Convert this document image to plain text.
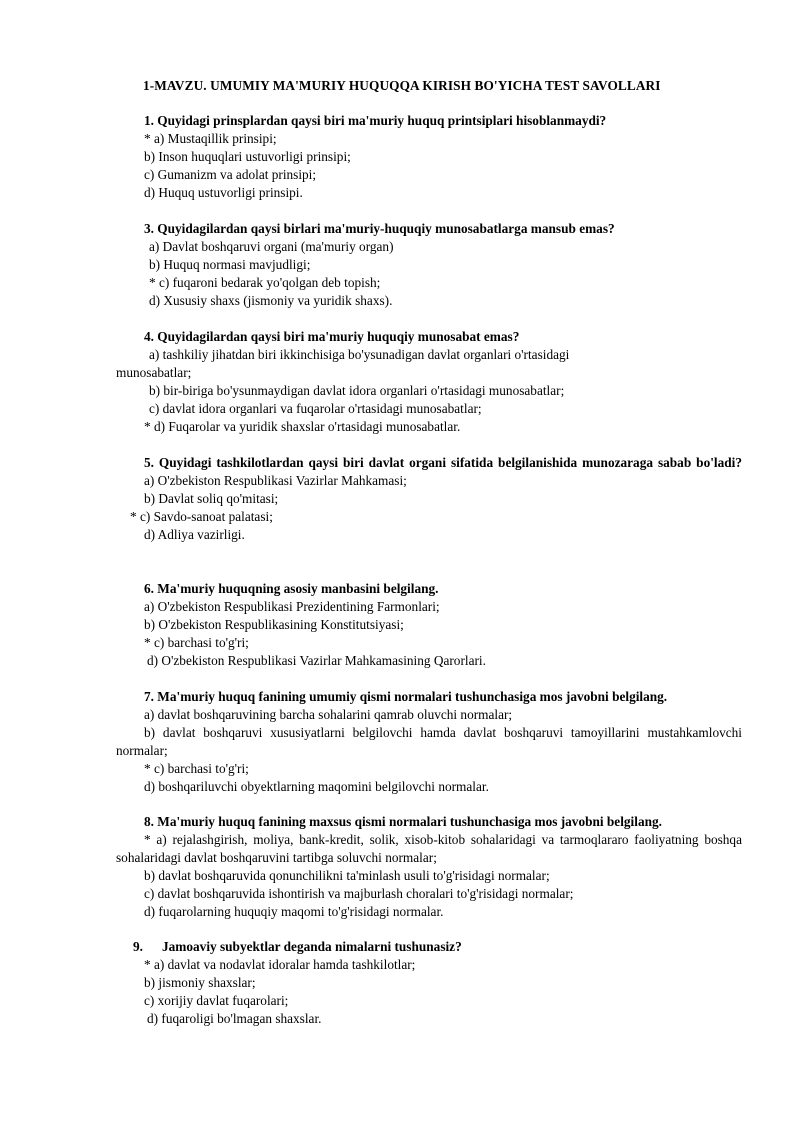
1-MAVZU. UMUMIY MA'MURIY HUQUQQA KIRISH BO'YICHA TEST SAVOLLARI
1. Quyidagi prinsplardan qaysi biri ma'muriy huquq printsiplari hisoblanmaydi?
* a) Mustaqillik prinsipi;
b) Inson huquqlari ustuvorligi prinsipi;
c) Gumanizm va adolat prinsipi;
d) Huquq ustuvorligi prinsipi.
3. Quyidagilardan qaysi birlari ma'muriy-huquqiy munosabatlarga mansub emas?
a) Davlat boshqaruvi organi (ma'muriy organ)
b) Huquq normasi mavjudligi;
* c) fuqaroni bedarak yo'qolgan deb topish;
d) Xususiy shaxs (jismoniy va yuridik shaxs).
4. Quyidagilardan qaysi biri ma'muriy huquqiy munosabat emas?
a) tashkiliy jihatdan biri ikkinchisiga bo'ysunadigan davlat organlari o'rtasidagi munosabatlar;
b) bir-biriga bo'ysunmaydigan davlat idora organlari o'rtasidagi munosabatlar;
c) davlat idora organlari va fuqarolar o'rtasidagi munosabatlar;
* d) Fuqarolar va yuridik shaxslar o'rtasidagi munosabatlar.
5. Quyidagi tashkilotlardan qaysi biri davlat organi sifatida belgilanishida munozaraga sabab bo'ladi?
a) O'zbekiston Respublikasi Vazirlar Mahkamasi;
b) Davlat soliq qo'mitasi;
* c) Savdo-sanoat palatasi;
d) Adliya vazirligi.
6. Ma'muriy huquqning asosiy manbasini belgilang.
a) O'zbekiston Respublikasi Prezidentining Farmonlari;
b) O'zbekiston Respublikasining Konstitutsiyasi;
* c) barchasi to'g'ri;
d) O'zbekiston Respublikasi Vazirlar Mahkamasining Qarorlari.
7. Ma'muriy huquq fanining umumiy qismi normalari tushunchasiga mos javobni belgilang.
a) davlat boshqaruvining barcha sohalarini qamrab oluvchi normalar;
b) davlat boshqaruvi xususiyatlarni belgilovchi hamda davlat boshqaruvi tamoyillarini mustahkamlovchi normalar;
* c) barchasi to'g'ri;
d) boshqariluvchi obyektlarning maqomini belgilovchi normalar.
8. Ma'muriy huquq fanining maxsus qismi normalari tushunchasiga mos javobni belgilang.
* a) rejalashgirish, moliya, bank-kredit, solik, xisob-kitob sohalaridagi va tarmoqlararo faoliyatning boshqa sohalaridagi davlat boshqaruvini tartibga soluvchi normalar;
b) davlat boshqaruvida qonunchilikni ta'minlash usuli to'g'risidagi normalar;
c) davlat boshqaruvida ishontirish va majburlash choralari to'g'risidagi normalar;
d) fuqarolarning huquqiy maqomi to'g'risidagi normalar.
9. Jamoaviy subyektlar deganda nimalarni tushunasiz?
* a) davlat va nodavlat idoralar hamda tashkilotlar;
b) jismoniy shaxslar;
c) xorijiy davlat fuqarolari;
d) fuqaroligi bo'lmagan shaxslar.
